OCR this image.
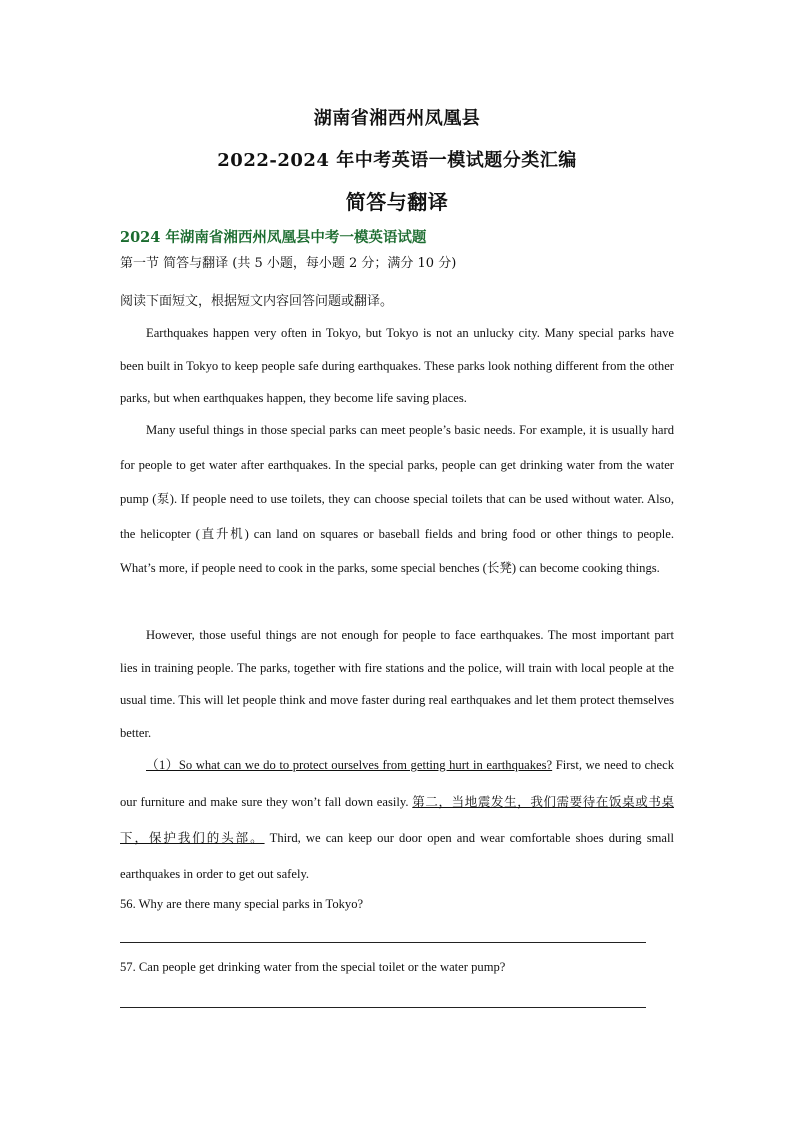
湖南省湘西州凤凰县
2022-2024 年中考英语一模试题分类汇编
简答与翻译
2024 年湖南省湘西州凤凰县中考一模英语试题
第一节 简答与翻译 (共 5 小题，每小题 2 分；满分 10 分)
阅读下面短文，根据短文内容回答问题或翻译。
Earthquakes happen very often in Tokyo, but Tokyo is not an unlucky city. Many special parks have been built in Tokyo to keep people safe during earthquakes. These parks look nothing different from the other parks, but when earthquakes happen, they become life saving places.
Many useful things in those special parks can meet people’s basic needs. For example, it is usually hard for people to get water after earthquakes. In the special parks, people can get drinking water from the water pump (泵). If people need to use toilets, they can choose special toilets that can be used without water. Also, the helicopter (直升机) can land on squares or baseball fields and bring food or other things to people. What’s more, if people need to cook in the parks, some special benches (长凳) can become cooking things.
However, those useful things are not enough for people to face earthquakes. The most important part lies in training people. The parks, together with fire stations and the police, will train with local people at the usual time. This will let people think and move faster during real earthquakes and let them protect themselves better.
（1）So what can we do to protect ourselves from getting hurt in earthquakes? First, we need to check our furniture and make sure they won’t fall down easily. 第二，当地震发生，我们需要待在饭桌或书桌下，保护我们的头部。 Third, we can keep our door open and wear comfortable shoes during small earthquakes in order to get out safely.
56. Why are there many special parks in Tokyo?
57. Can people get drinking water from the special toilet or the water pump?
